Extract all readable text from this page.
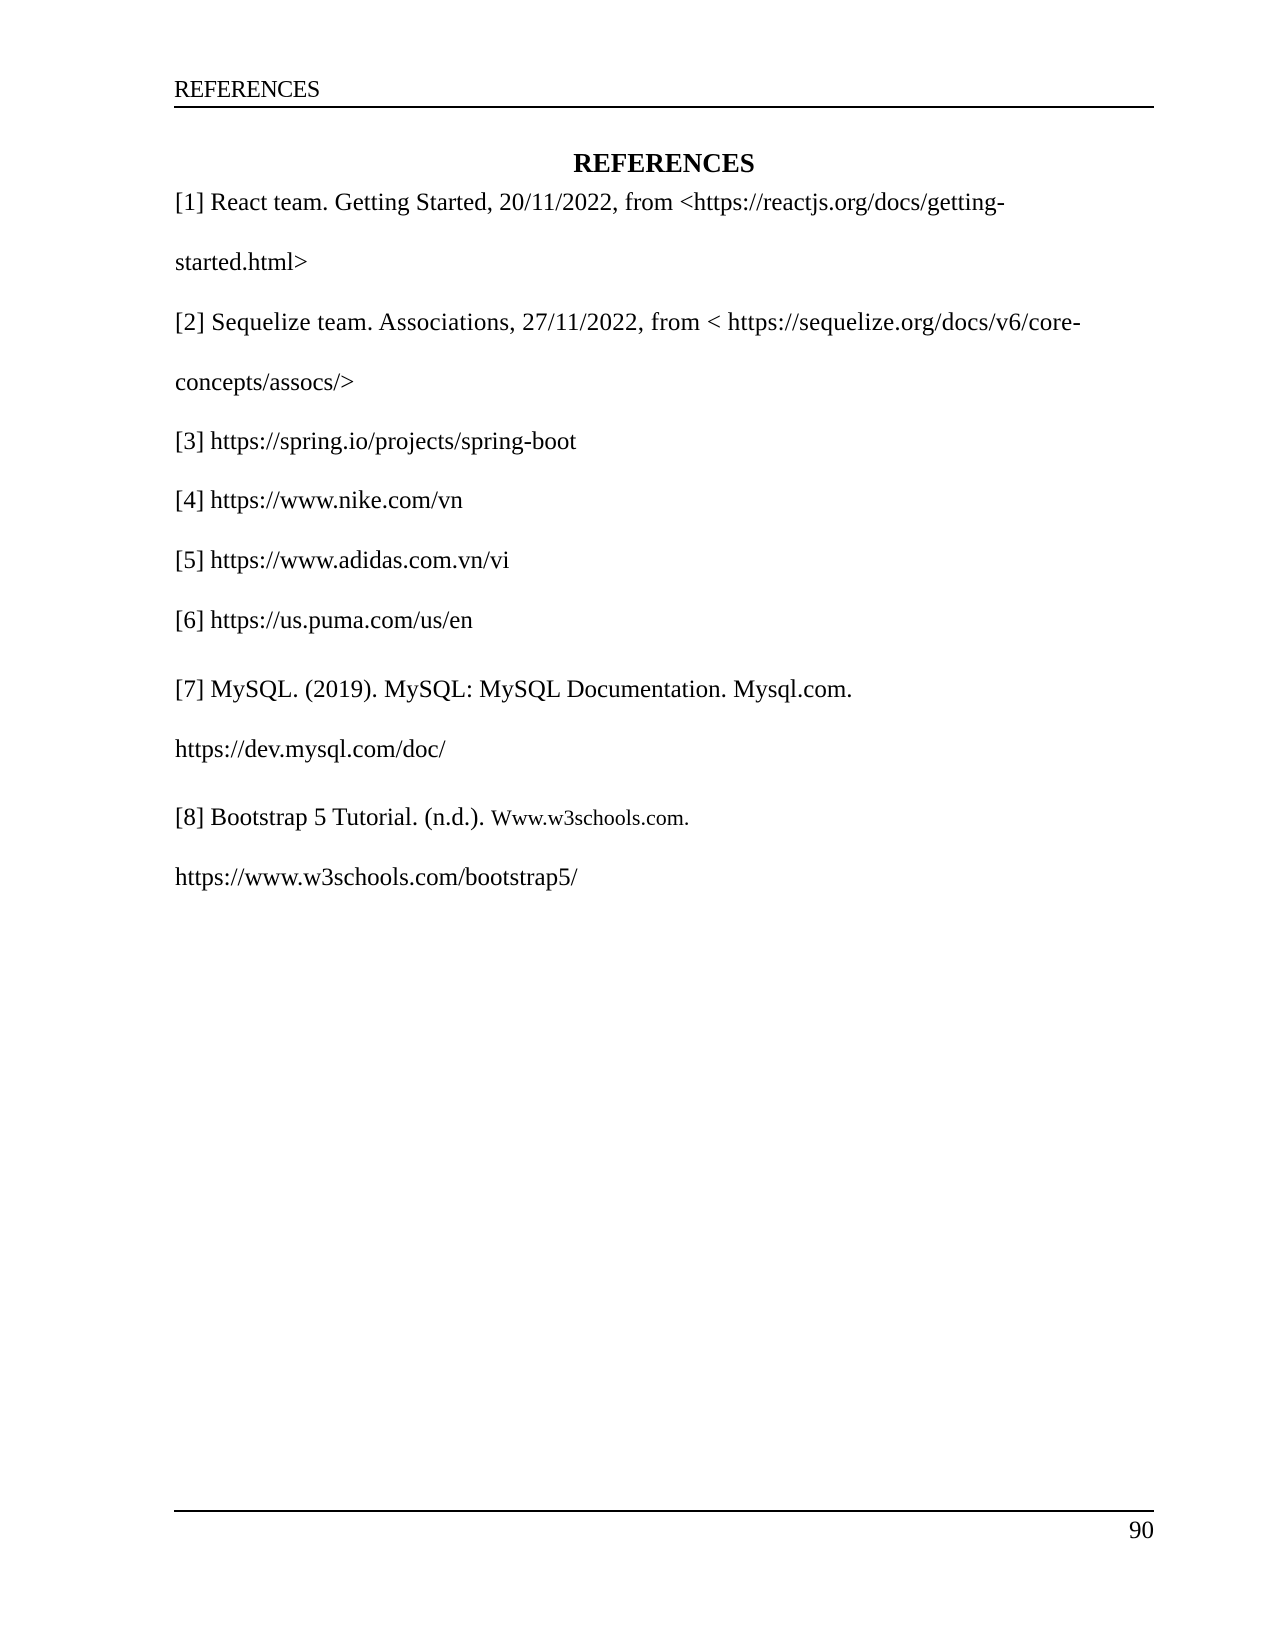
REFERENCES
REFERENCES
[1] React team. Getting Started, 20/11/2022, from <https://reactjs.org/docs/getting-
started.html>
[2] Sequelize team. Associations, 27/11/2022, from < https://sequelize.org/docs/v6/core-
concepts/assocs/>
[3] https://spring.io/projects/spring-boot
[4] https://www.nike.com/vn
[5] https://www.adidas.com.vn/vi
[6] https://us.puma.com/us/en
[7] MySQL. (2019). MySQL: MySQL Documentation. Mysql.com.
https://dev.mysql.com/doc/
[8] Bootstrap 5 Tutorial. (n.d.). Www.w3schools.com.
https://www.w3schools.com/bootstrap5/
90
